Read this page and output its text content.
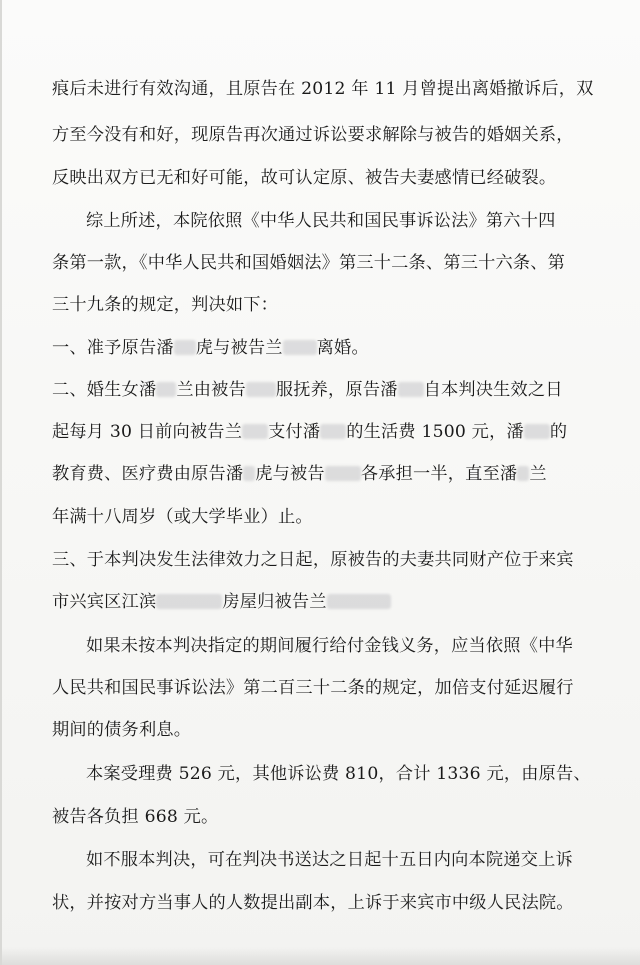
痕后未进行有效沟通，且原告在 2012 年 11 月曾提出离婚撤诉后，双
方至今没有和好，现原告再次通过诉讼要求解除与被告的婚姻关系，
反映出双方已无和好可能，故可认定原、被告夫妻感情已经破裂。
综上所述，本院依照《中华人民共和国民事诉讼法》第六十四
条第一款，《中华人民共和国婚姻法》第三十二条、第三十六条、第
三十九条的规定，判决如下：
一、准予原告潘 虎与被告兰 离婚。
二、婚生女潘 兰由被告 服抚养，原告潘 自本判决生效之日
起每月 30 日前向被告兰 支付潘 的生活费 1500 元，潘 的
教育费、医疗费由原告潘 虎与被告 各承担一半，直至潘 兰
年满十八周岁（或大学毕业）止。
三、于本判决发生法律效力之日起，原被告的夫妻共同财产位于来宾
市兴宾区江滨	房屋归被告兰
如果未按本判决指定的期间履行给付金钱义务，应当依照《中华
人民共和国民事诉讼法》第二百三十二条的规定，加倍支付延迟履行
期间的债务利息。
本案受理费 526 元，其他诉讼费 810，合计 1336 元，由原告、
被告各负担 668 元。
如不服本判决，可在判决书送达之日起十五日内向本院递交上诉
状，并按对方当事人的人数提出副本，上诉于来宾市中级人民法院。
